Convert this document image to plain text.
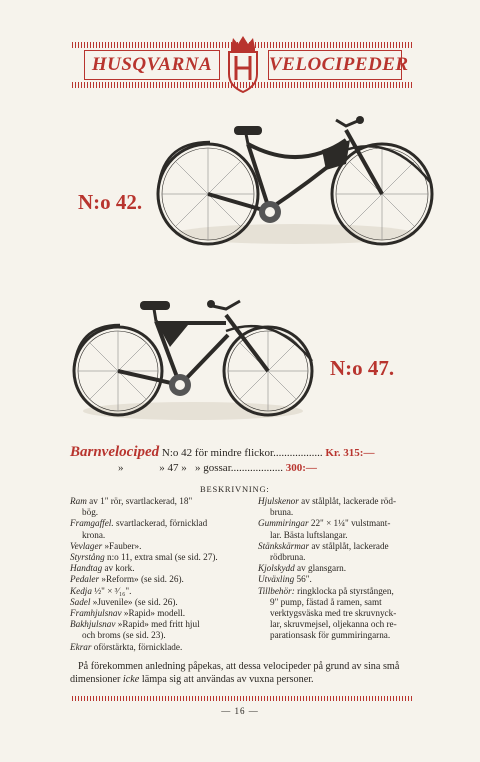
HUSQVARNA	VELOCIPEDER
N:o 42.
N:o 47.
Barnvelociped N:o 42 för mindre flickor.................. Kr. 315:—
»   	» 47 »  » gossar................... 300:—
BESKRIVNING:

Ram av 1" rör, svartlackerad, 18"

bög.

Framgaffel. svartlackerad, förnicklad

krona.

Vevlager »Fauber».

Styrstång n:o 11, extra smal (se sid. 27).

Handtag av kork.

Pedaler »Reform» (se sid. 26).

Kedja ½" × ³⁄₁₆".

Sadel »Juvenile» (se sid. 26).

Framhjulsnav »Rapid» modell.

Bakhjulsnav »Rapid» med fritt hjul

och broms (se sid. 23).

Ekrar oförstärkta, förnicklade.

Hjulskenor av stålplåt, lackerade röd-

bruna.

Gummiringar 22" × 1¼" vulstmant-

lar. Bästa luftslangar.

Stänkskärmar av stålplåt, lackerade

rödbruna.

Kjolskydd av glansgarn.

Utväxling 56".

Tillbehör: ringklocka på styrstången,

9" pump, fästad å ramen, samt

verktygsväska med tre skruvnyck-

lar, skruvmejsel, oljekanna och re-

parationsask för gummiringarna.

På förekommen anledning påpekas, att dessa velocipeder på grund av sina små dimensioner icke lämpa sig att användas av vuxna personer.
— 16 —
